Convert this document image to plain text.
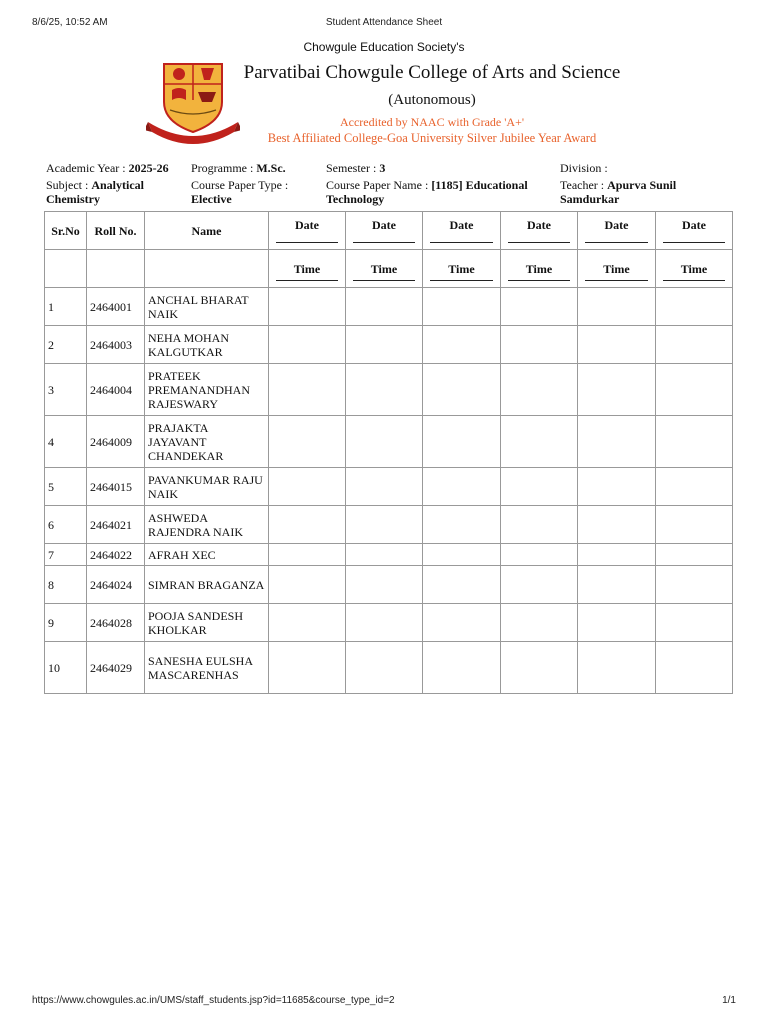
8/6/25, 10:52 AM	Student Attendance Sheet
Chowgule Education Society's
Parvatibai Chowgule College of Arts and Science
(Autonomous)
Accredited by NAAC with Grade 'A+'
Best Affiliated College-Goa University Silver Jubilee Year Award
Academic Year : 2025-26	Programme : M.Sc.	Semester : 3	Division :
Subject : Analytical Chemistry
Course Paper Type : Elective
Course Paper Name : [1185] Educational Technology
Teacher : Apurva Sunil Samdurkar
Sr.No	Roll No.	Name	Date	Date	Date	Date	Date	Date

			Time	Time	Time	Time	Time	Time

1	2464001	ANCHAL BHARAT NAIK						
2	2464003	NEHA MOHAN KALGUTKAR						
3	2464004	PRATEEK PREMANANDHAN RAJESWARY						
4	2464009	PRAJAKTA JAYAVANT CHANDEKAR						
5	2464015	PAVANKUMAR RAJU NAIK						
6	2464021	ASHWEDA RAJENDRA NAIK						
7	2464022	AFRAH XEC						
8	2464024	SIMRAN BRAGANZA						
9	2464028	POOJA SANDESH KHOLKAR						
10	2464029	SANESHA EULSHA MASCARENHAS						
https://www.chowgules.ac.in/UMS/staff_students.jsp?id=11685&course_type_id=2	1/1
